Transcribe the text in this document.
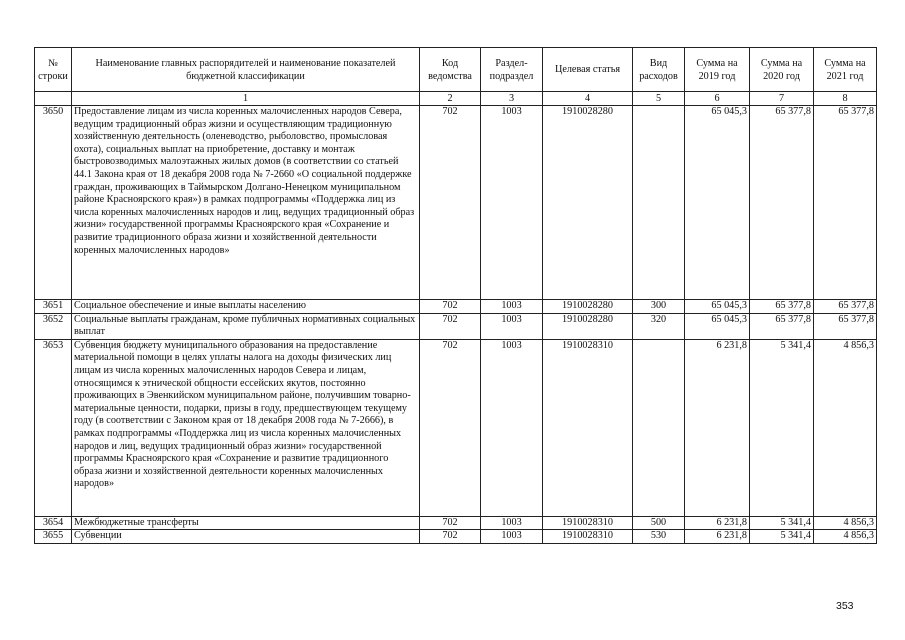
№ строки	Наименование главных распорядителей и наименование показателей бюджетной классификации	Код ведомства	Раздел-подраздел	Целевая статья	Вид расходов	Сумма на 2019 год	Сумма на 2020 год	Сумма на 2021 год
	1	2	3	4	5	6	7	8
3650	Предоставление лицам из числа коренных малочисленных народов Севера, ведущим традиционный образ жизни и осуществляющим традиционную хозяйственную деятельность (оленеводство, рыболовство, промысловая охота), социальных выплат на приобретение, доставку и монтаж быстровозводимых малоэтажных жилых домов (в соответствии со статьей 44.1 Закона края от 18 декабря 2008 года № 7-2660 «О социальной поддержке граждан, проживающих в Таймырском Долгано-Ненецком муниципальном районе Красноярского края») в рамках подпрограммы «Поддержка лиц из числа коренных малочисленных народов и лиц, ведущих традиционный образ жизни» государственной программы Красноярского края «Сохранение и развитие традиционного образа жизни и хозяйственной деятельности коренных малочисленных народов»	702	1003	1910028280		65 045,3	65 377,8	65 377,8
3651	Социальное обеспечение и иные выплаты населению	702	1003	1910028280	300	65 045,3	65 377,8	65 377,8
3652	Социальные выплаты гражданам, кроме публичных нормативных социальных выплат	702	1003	1910028280	320	65 045,3	65 377,8	65 377,8
3653	Субвенция бюджету муниципального образования на предоставление материальной помощи в целях уплаты налога на доходы физических лиц лицам из числа коренных малочисленных народов Севера и лицам, относящимся к этнической общности ессейских якутов, постоянно проживающих в Эвенкийском муниципальном районе, получившим товарно-материальные ценности, подарки, призы в году, предшествующем текущему году (в соответствии с Законом края от 18 декабря 2008 года № 7-2666), в рамках подпрограммы «Поддержка лиц из числа коренных малочисленных народов и лиц, ведущих традиционный образ жизни» государственной программы Красноярского края «Сохранение и развитие традиционного образа жизни и хозяйственной деятельности коренных малочисленных народов»	702	1003	1910028310		6 231,8	5 341,4	4 856,3
3654	Межбюджетные трансферты	702	1003	1910028310	500	6 231,8	5 341,4	4 856,3
3655	Субвенции	702	1003	1910028310	530	6 231,8	5 341,4	4 856,3
353
